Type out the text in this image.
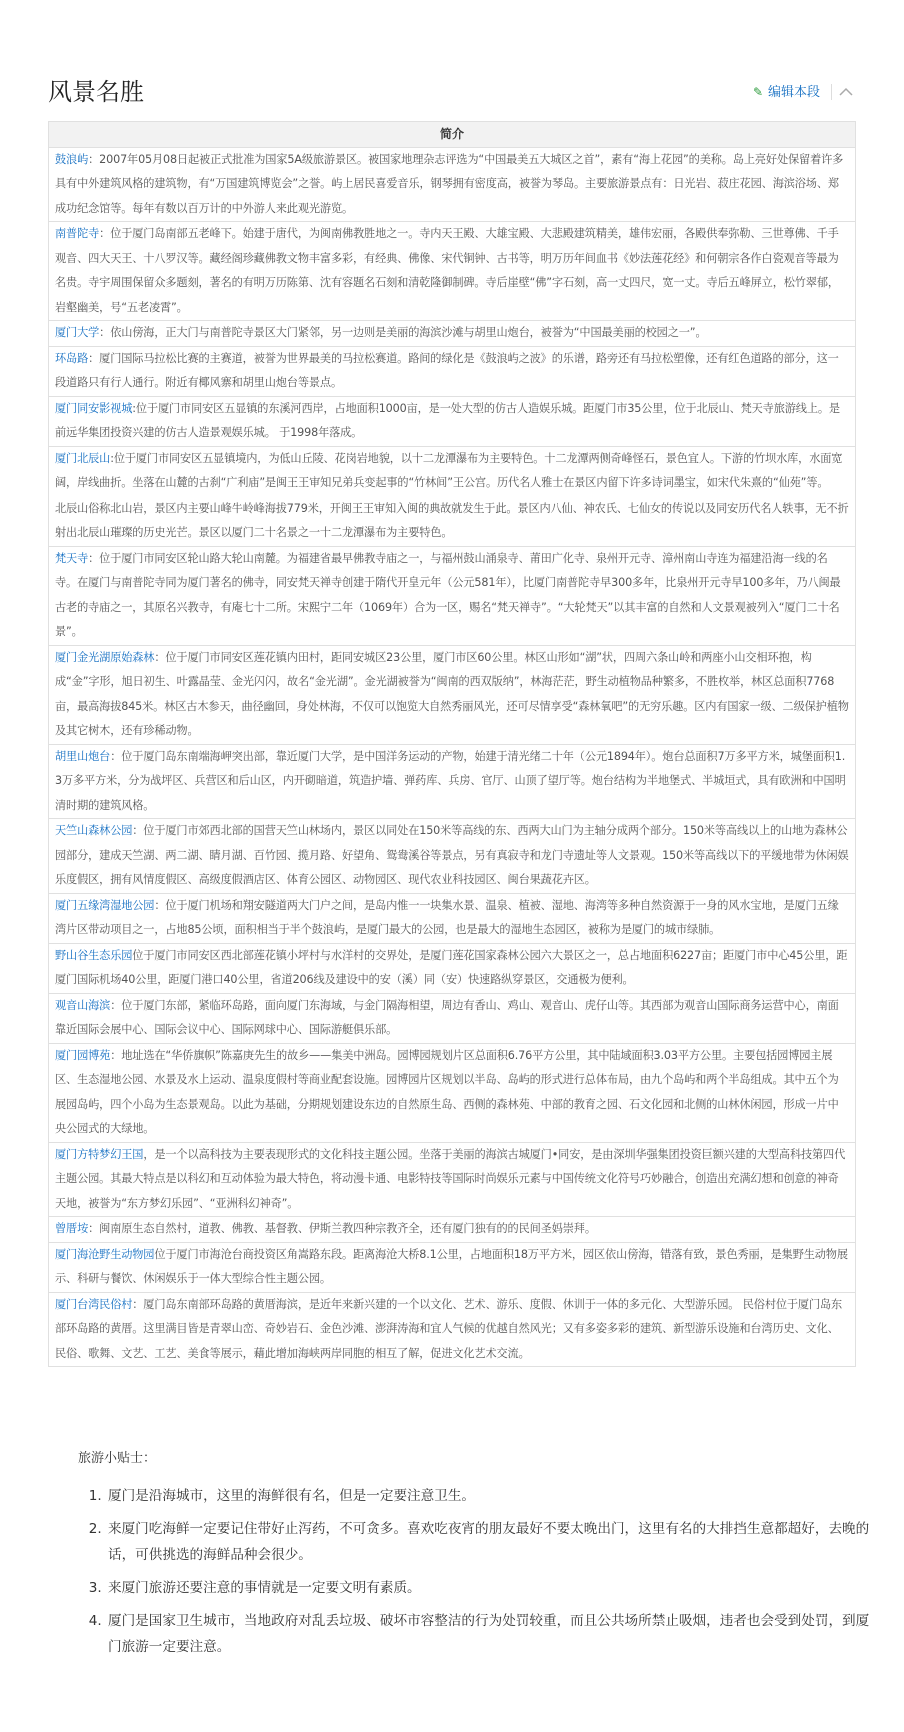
风景名胜	✎ 编辑本段
简介
鼓浪屿：2007年05月08日起被正式批准为国家5A级旅游景区。被国家地理杂志评选为“中国最美五大城区之首”，素有“海上花园”的美称。岛上亮好处保留着许多具有中外建筑风格的建筑物，有“万国建筑博览会”之誉。屿上居民喜爱音乐，钢琴拥有密度高，被誉为琴岛。主要旅游景点有：日光岩、菽庄花园、海滨浴场、郑成功纪念馆等。每年有数以百万计的中外游人来此观光游览。
南普陀寺：位于厦门岛南部五老峰下。始建于唐代，为闽南佛教胜地之一。寺内天王殿、大雄宝殿、大悲殿建筑精美，雄伟宏丽，各殿供奉弥勒、三世尊佛、千手观音、四大天王、十八罗汉等。藏经阁珍藏佛教文物丰富多彩，有经典、佛像、宋代铜钟、古书等，明万历年间血书《妙法莲花经》和何朝宗各作白瓷观音等最为名贵。寺宇周围保留众多题刻，著名的有明万历陈第、沈有容题名石刻和清乾隆御制碑。寺后崖壁“佛”字石刻，高一丈四尺，宽一丈。寺后五峰屏立，松竹翠郁，岩壑幽美，号“五老凌霄”。
厦门大学：依山傍海，正大门与南普陀寺景区大门紧邻，另一边则是美丽的海滨沙滩与胡里山炮台，被誉为“中国最美丽的校园之一”。
环岛路：厦门国际马拉松比赛的主赛道，被誉为世界最美的马拉松赛道。路间的绿化是《鼓浪屿之波》的乐谱，路旁还有马拉松塑像，还有红色道路的部分，这一段道路只有行人通行。附近有椰风寨和胡里山炮台等景点。
厦门同安影视城:位于厦门市同安区五显镇的东溪河西岸，占地面积1000亩，是一处大型的仿古人造娱乐城。距厦门市35公里，位于北辰山、梵天寺旅游线上。是前远华集团投资兴建的仿古人造景观娱乐城。 于1998年落成。
厦门北辰山:位于厦门市同安区五显镇境内，为低山丘陵、花岗岩地貌，以十二龙潭瀑布为主要特色。十二龙潭两侧奇峰怪石，景色宜人。下游的竹坝水库，水面宽阔，岸线曲折。坐落在山麓的古刹“广利庙”是闽王王审知兄弟兵变起事的“竹林间”王公宫。历代名人雅士在景区内留下许多诗词墨宝，如宋代朱熹的“仙苑”等。
北辰山俗称北山岩，景区内主要山峰牛岭峰海拔779米，开闽王王审知入闽的典故就发生于此。景区内八仙、神农氏、七仙女的传说以及同安历代名人轶事，无不折射出北辰山璀璨的历史光芒。景区以厦门二十名景之一十二龙潭瀑布为主要特色。

梵天寺：位于厦门市同安区轮山路大轮山南麓。为福建省最早佛教寺庙之一，与福州鼓山涌泉寺、莆田广化寺、泉州开元寺、漳州南山寺连为福建沿海一线的名寺。在厦门与南普陀寺同为厦门著名的佛寺，同安梵天禅寺创建于隋代开皇元年（公元581年），比厦门南普陀寺早300多年，比泉州开元寺早100多年，乃八闽最古老的寺庙之一，其原名兴教寺，有庵七十二所。宋熙宁二年（1069年）合为一区，赐名“梵天禅寺”。“大轮梵天”以其丰富的自然和人文景观被列入“厦门二十名景”。
厦门金光湖原始森林：位于厦门市同安区莲花镇内田村，距同安城区23公里，厦门市区60公里。林区山形如“湖”状，四周六条山岭和两座小山交相环抱，构成“金”字形，旭日初生、叶露晶莹、金光闪闪，故名“金光湖”。金光湖被誉为“闽南的西双版纳”，林海茫茫，野生动植物品种繁多，不胜枚举，林区总面积7768亩，最高海拔845米。林区古木参天，曲径幽回，身处林海，不仅可以饱览大自然秀丽风光，还可尽情享受“森林氧吧”的无穷乐趣。区内有国家一级、二级保护植物及其它树木，还有珍稀动物。
胡里山炮台：位于厦门岛东南端海岬突出部，靠近厦门大学，是中国洋务运动的产物，始建于清光绪二十年（公元1894年）。炮台总面积7万多平方米，城堡面积1.3万多平方米，分为战坪区、兵营区和后山区，内开砌暗道，筑造护墙、弹药库、兵房、官厅、山顶了望厅等。炮台结构为半地堡式、半城垣式，具有欧洲和中国明清时期的建筑风格。
天竺山森林公园：位于厦门市郊西北部的国营天竺山林场内，景区以同处在150米等高线的东、西两大山门为主轴分成两个部分。150米等高线以上的山地为森林公园部分，建成天竺湖、两二湖、睛月湖、百竹园、揽月路、好望角、鸳鸯溪谷等景点，另有真寂寺和龙门寺遗址等人文景观。150米等高线以下的平缓地带为休闲娱乐度假区，拥有风情度假区、高级度假酒店区、体育公园区、动物园区、现代农业科技园区、闽台果蔬花卉区。
厦门五缘湾湿地公园：位于厦门机场和翔安隧道两大门户之间，是岛内惟一一块集水景、温泉、植被、湿地、海湾等多种自然资源于一身的风水宝地，是厦门五缘湾片区带动项目之一，占地85公顷，面积相当于半个鼓浪屿，是厦门最大的公园，也是最大的湿地生态园区，被称为是厦门的城市绿肺。
野山谷生态乐园位于厦门市同安区西北部莲花镇小坪村与水洋村的交界处，是厦门莲花国家森林公园六大景区之一，总占地面积6227亩；距厦门市中心45公里，距厦门国际机场40公里，距厦门港口40公里，省道206线及建设中的安（溪）同（安）快速路纵穿景区，交通极为便利。
观音山海滨：位于厦门东部，紧临环岛路，面向厦门东海域，与金门隔海相望，周边有香山、鸡山、观音山、虎仔山等。其西部为观音山国际商务运营中心，南面靠近国际会展中心、国际会议中心、国际网球中心、国际游艇俱乐部。
厦门园博苑：地址选在“华侨旗帜”陈嘉庚先生的故乡——集美中洲岛。园博园规划片区总面积6.76平方公里，其中陆域面积3.03平方公里。主要包括园博园主展区、生态湿地公园、水景及水上运动、温泉度假村等商业配套设施。园博园片区规划以半岛、岛屿的形式进行总体布局，由九个岛屿和两个半岛组成。其中五个为展园岛屿，四个小岛为生态景观岛。以此为基础，分期规划建设东边的自然原生岛、西侧的森林苑、中部的教育之园、石文化园和北侧的山林休闲园，形成一片中央公园式的大绿地。
厦门方特梦幻王国，是一个以高科技为主要表现形式的文化科技主题公园。坐落于美丽的海滨古城厦门•同安，是由深圳华强集团投资巨额兴建的大型高科技第四代主题公园。其最大特点是以科幻和互动体验为最大特色，将动漫卡通、电影特技等国际时尚娱乐元素与中国传统文化符号巧妙融合，创造出充满幻想和创意的神奇天地，被誉为“东方梦幻乐园”、“亚洲科幻神奇”。
曾厝垵：闽南原生态自然村，道教、佛教、基督教、伊斯兰教四种宗教齐全，还有厦门独有的的民间圣妈崇拜。
厦门海沧野生动物园位于厦门市海沧台商投资区角嵩路东段。距离海沧大桥8.1公里，占地面积18万平方米，园区依山傍海，错落有致，景色秀丽，是集野生动物展示、科研与餐饮、休闲娱乐于一体大型综合性主题公园。
厦门台湾民俗村：厦门岛东南部环岛路的黄厝海滨，是近年来新兴建的一个以文化、艺术、游乐、度假、休训于一体的多元化、大型游乐园。 民俗村位于厦门岛东部环岛路的黄厝。这里满目皆是青翠山峦、奇妙岩石、金色沙滩、澎湃涛海和宜人气候的优越自然风光；又有多姿多彩的建筑、新型游乐设施和台湾历史、文化、民俗、歌舞、文艺、工艺、美食等展示，藉此增加海峡两岸同胞的相互了解，促进文化艺术交流。
旅游小贴士：
1. 厦门是沿海城市，这里的海鲜很有名，但是一定要注意卫生。
2. 来厦门吃海鲜一定要记住带好止泻药，不可贪多。喜欢吃夜宵的朋友最好不要太晚出门，这里有名的大排挡生意都超好，去晚的话，可供挑选的海鲜品种会很少。
3. 来厦门旅游还要注意的事情就是一定要文明有素质。
4. 厦门是国家卫生城市，当地政府对乱丢垃圾、破坏市容整洁的行为处罚较重，而且公共场所禁止吸烟，违者也会受到处罚，到厦门旅游一定要注意。
